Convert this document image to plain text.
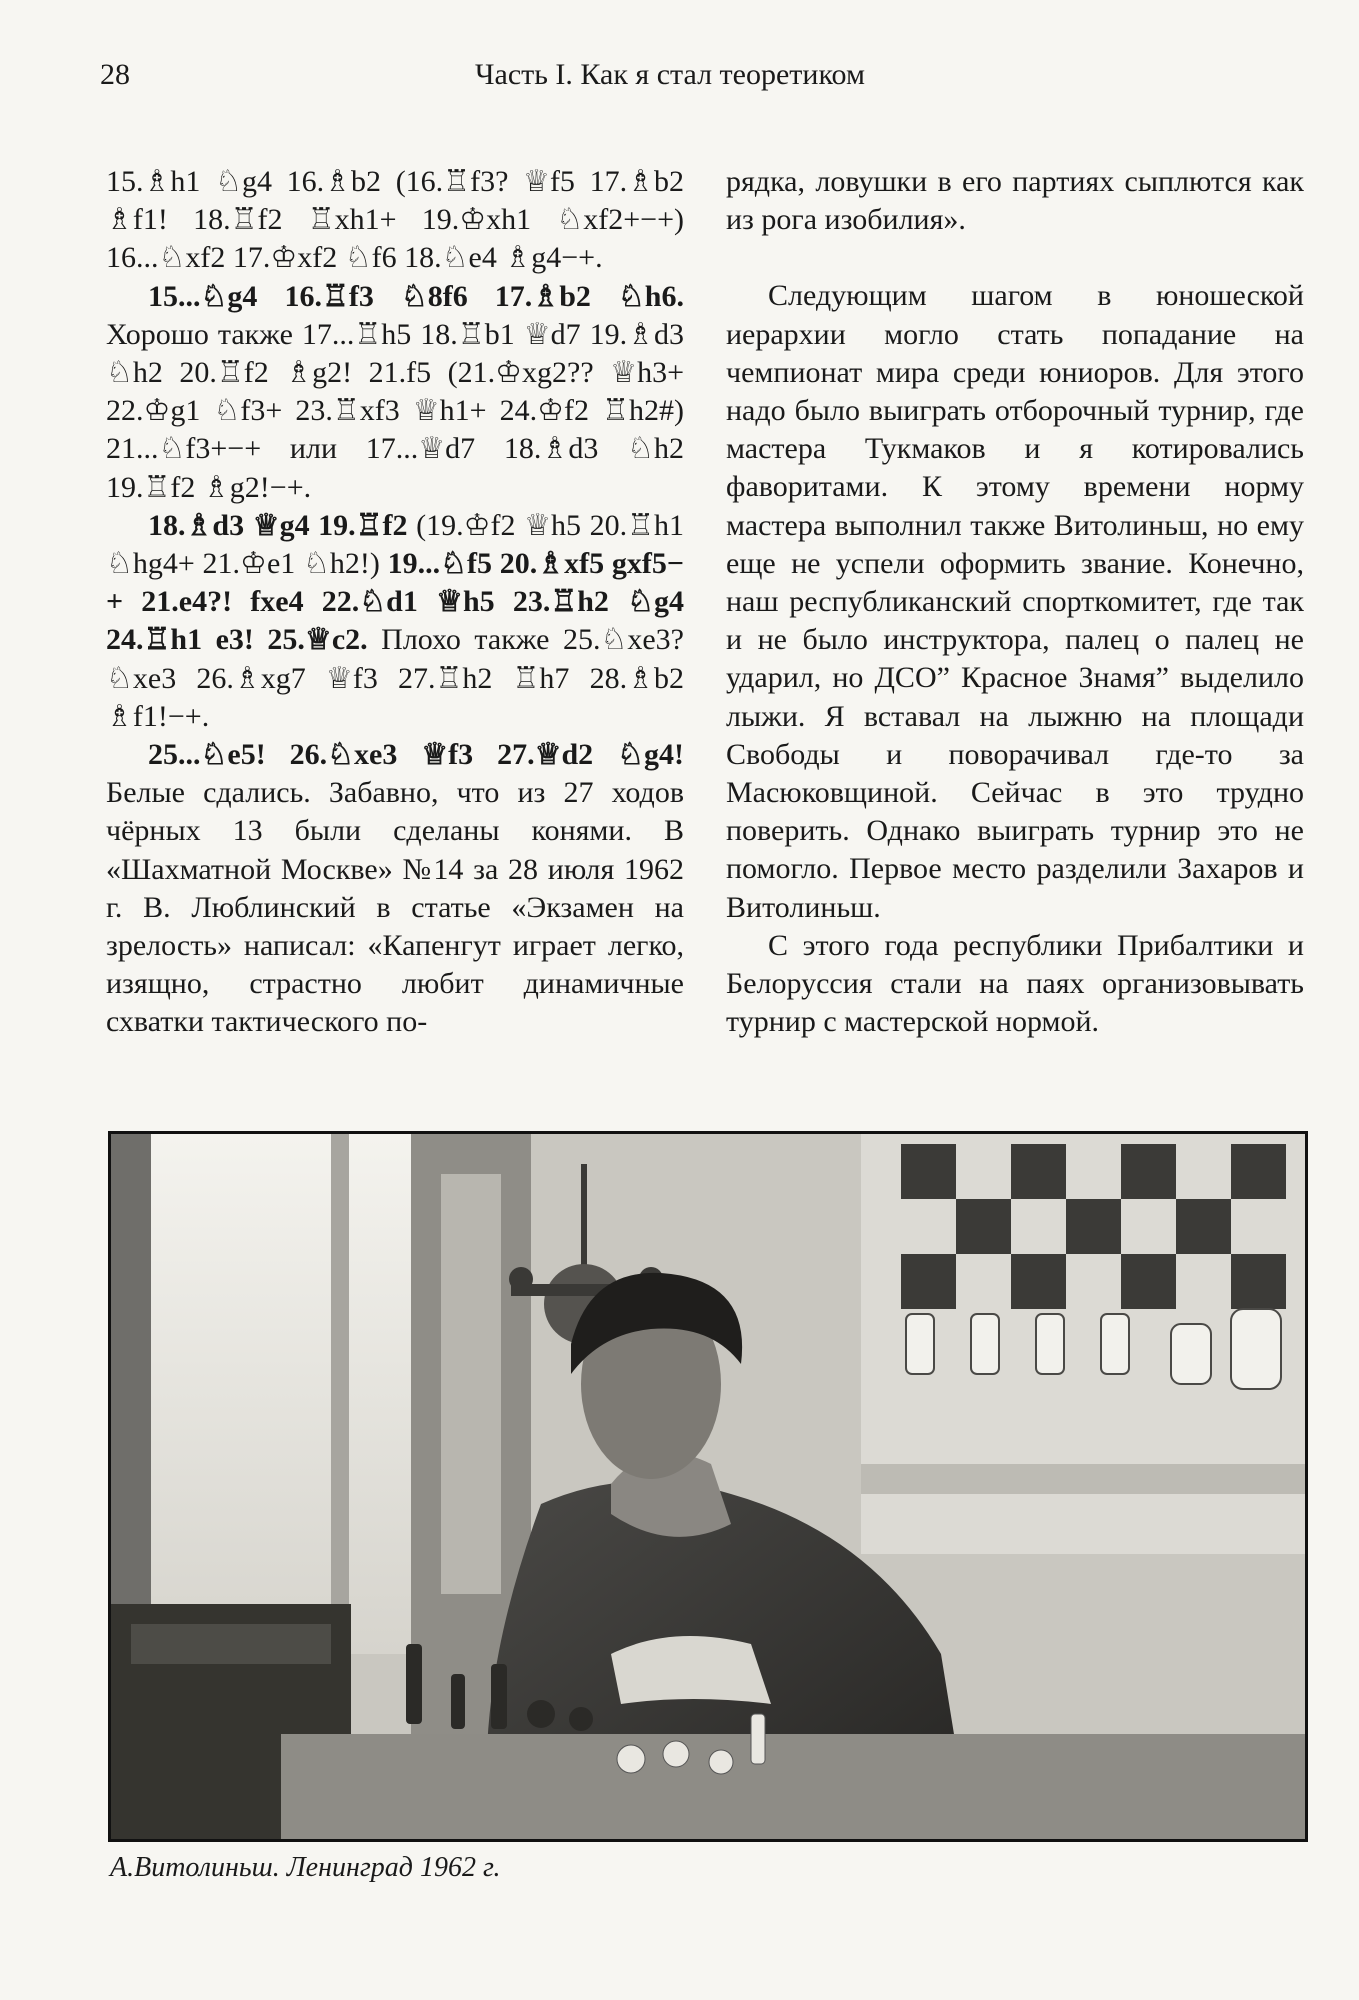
28	Часть I. Как я стал теоретиком

15.♗h1 ♘g4 16.♗b2 (16.♖f3? ♕f5 17.♗b2 ♗f1! 18.♖f2 ♖xh1+ 19.♔xh1 ♘xf2+−+) 16...♘xf2 17.♔xf2 ♘f6 18.♘e4 ♗g4−+.

15...♘g4 16.♖f3 ♘8f6 17.♗b2 ♘h6. Хорошо также 17...♖h5 18.♖b1 ♕d7 19.♗d3 ♘h2 20.♖f2 ♗g2! 21.f5 (21.♔xg2?? ♕h3+ 22.♔g1 ♘f3+ 23.♖xf3 ♕h1+ 24.♔f2 ♖h2#) 21...♘f3+−+ или 17...♕d7 18.♗d3 ♘h2 19.♖f2 ♗g2!−+.

18.♗d3 ♕g4 19.♖f2 (19.♔f2 ♕h5 20.♖h1 ♘hg4+ 21.♔e1 ♘h2!) 19...♘f5 20.♗xf5 gxf5−+ 21.e4?! fxe4 22.♘d1 ♕h5 23.♖h2 ♘g4 24.♖h1 e3! 25.♕c2. Плохо также 25.♘xe3? ♘xe3 26.♗xg7 ♕f3 27.♖h2 ♖h7 28.♗b2 ♗f1!−+.

25...♘e5! 26.♘xe3 ♕f3 27.♕d2 ♘g4! Белые сдались. Забавно, что из 27 ходов чёрных 13 были сделаны конями. В «Шахматной Москве» №14 за 28 июля 1962 г. В. Люблинский в статье «Экзамен на зрелость» написал: «Капенгут играет легко, изящно, страстно любит динамичные схватки тактического по-

рядка, ловушки в его партиях сыплются как из рога изобилия».

Следующим шагом в юношеской иерархии могло стать попадание на чемпионат мира среди юниоров. Для этого надо было выиграть отборочный турнир, где мастера Тукмаков и я котировались фаворитами. К этому времени норму мастера выполнил также Витолиньш, но ему еще не успели оформить звание. Конечно, наш республиканский спорткомитет, где так и не было инструктора, палец о палец не ударил, но ДСО” Красное Знамя” выделило лыжи. Я вставал на лыжню на площади Свободы и поворачивал где-то за Масюковщиной. Сейчас в это трудно поверить. Однако выиграть турнир это не помогло. Первое место разделили Захаров и Витолиньш.

С этого года республики Прибалтики и Белоруссия стали на паях организовывать турнир с мастерской нормой.

А.Витолиньш. Ленинград 1962 г.
